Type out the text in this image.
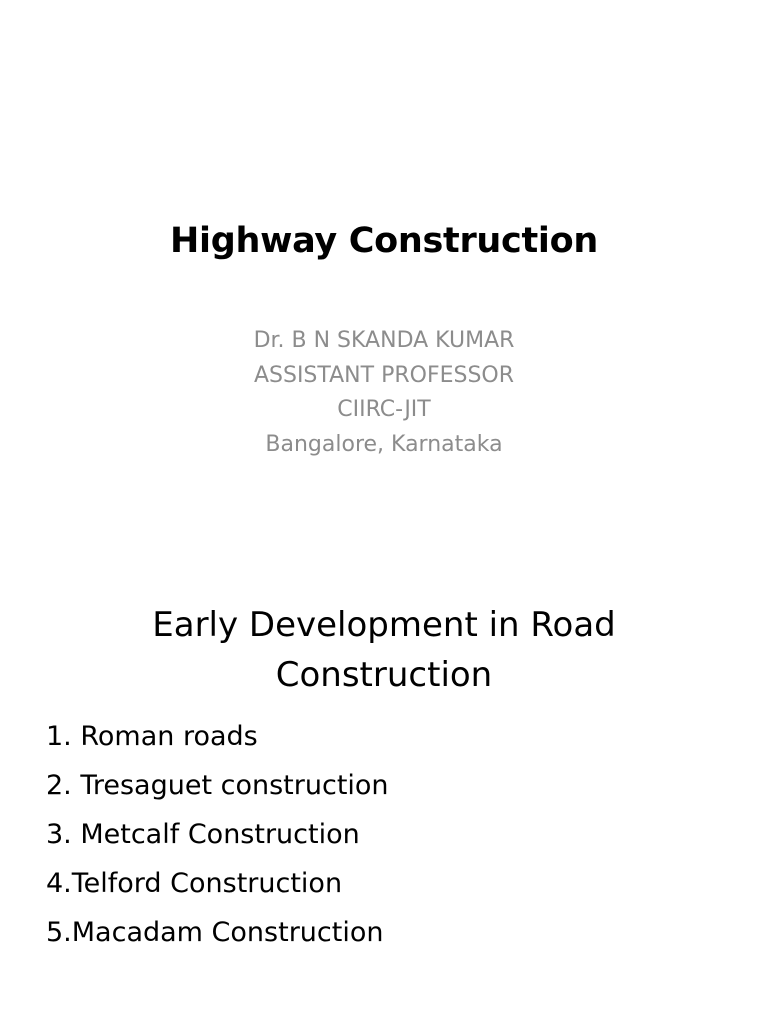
Highway Construction
Dr. B N SKANDA KUMAR
ASSISTANT PROFESSOR
CIIRC-JIT
Bangalore, Karnataka
Early Development in Road
Construction
1. Roman roads
2. Tresaguet construction
3. Metcalf Construction
4.Telford Construction
5.Macadam Construction
